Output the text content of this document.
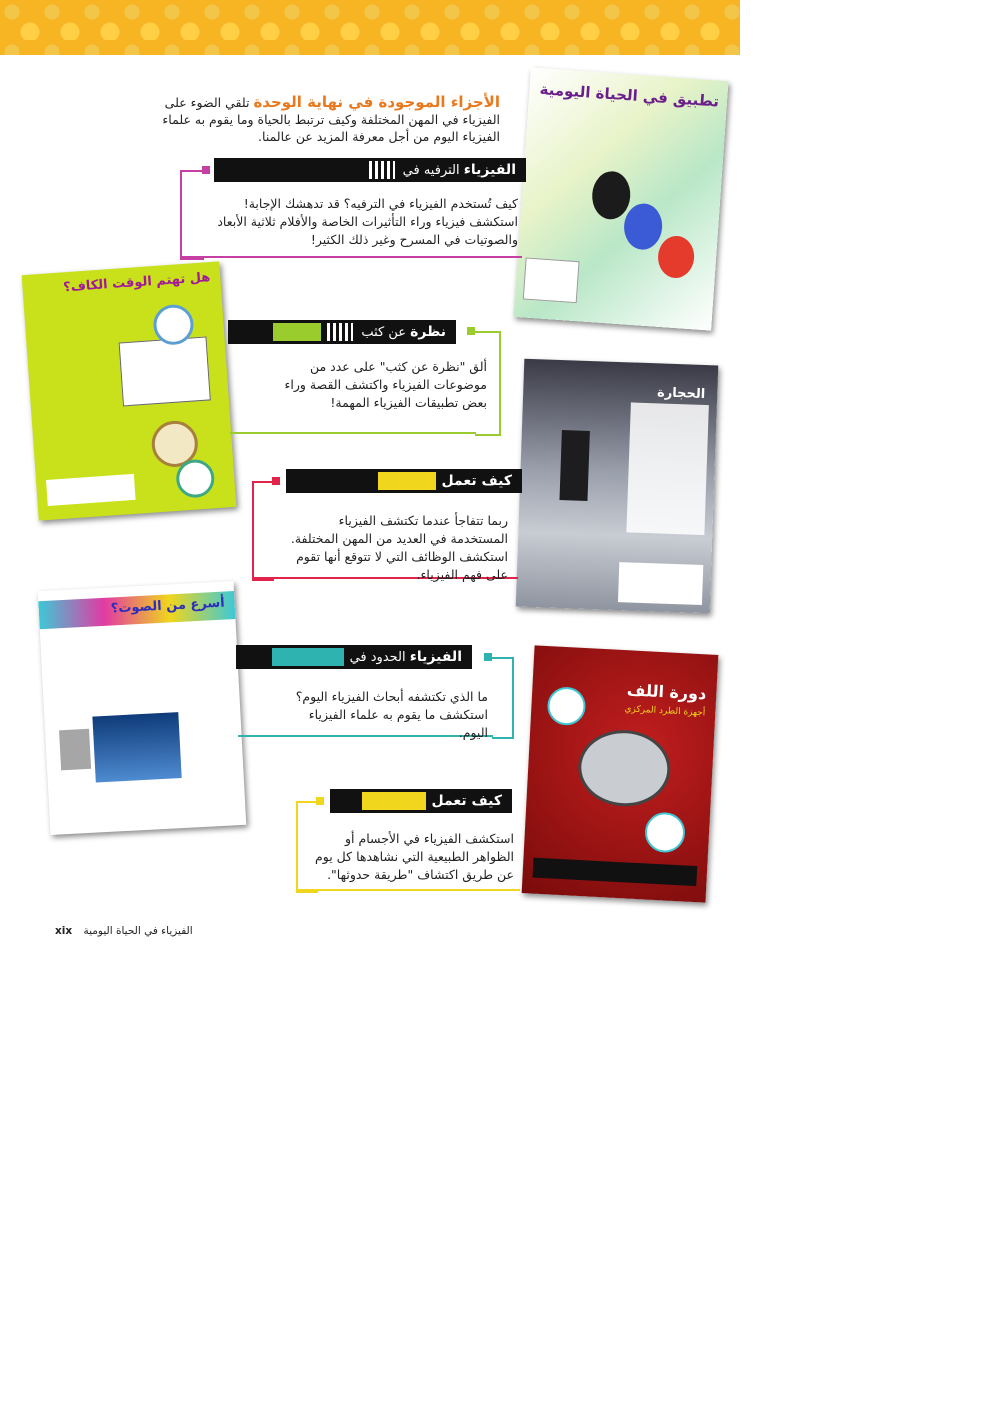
الأجزاء الموجودة في نهاية الوحدة تلقي الضوء على الفيزياء في المهن المختلفة وكيف ترتبط بالحياة وما يقوم به علماء الفيزياء اليوم من أجل معرفة المزيد عن عالمنا.
تطبيق في الحياة اليومية
الفيزياء الترفيه في
كيف تُستخدم الفيزياء في الترفيه؟ قد تدهشك الإجابة! استكشف فيزياء وراء التأثيرات الخاصة والأفلام ثلاثية الأبعاد والصوتيات في المسرح وغير ذلك الكثير!
هل تهتم الوقت الكاف؟
نظرة عن كثب
ألق "نظرة عن كثب" على عدد من موضوعات الفيزياء واكتشف القصة وراء بعض تطبيقات الفيزياء المهمة!
الحجارة
كيف تعمل
ربما تتفاجأ عندما تكتشف الفيزياء المستخدمة في العديد من المهن المختلفة. استكشف الوظائف التي لا تتوقع أنها تقوم على فهم الفيزياء.
أسرع من الصوت؟
الفيزياء الحدود في
ما الذي تكتشفه أبحاث الفيزياء اليوم؟ استكشف ما يقوم به علماء الفيزياء اليوم.
دورة اللف
أجهزة الطرد المركزي
كيف تعمل
استكشف الفيزياء في الأجسام أو الظواهر الطبيعية التي نشاهدها كل يوم عن طريق اكتشاف "طريقة حدوثها".
xix الفيزياء في الحياة اليومية
